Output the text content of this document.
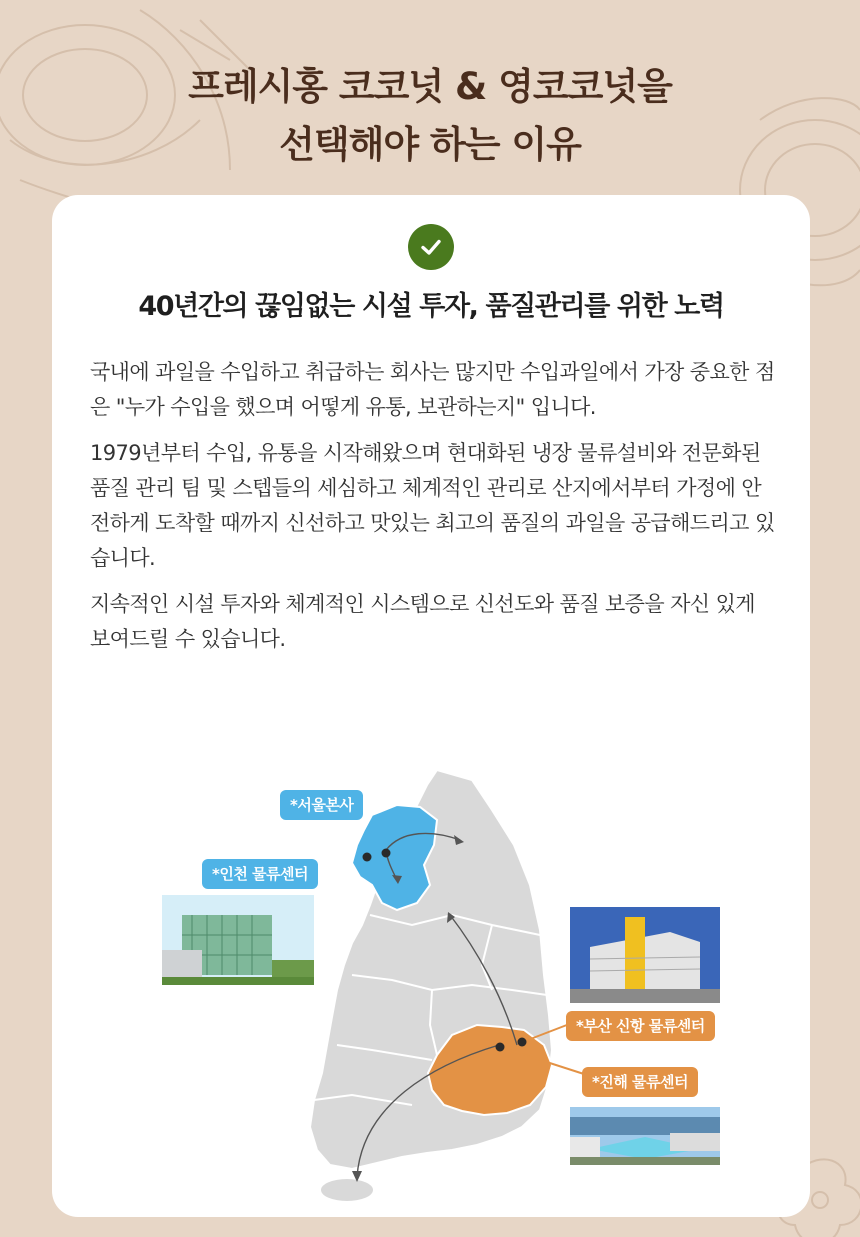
프레시홍 코코넛 & 영코코넛을
선택해야 하는 이유
40년간의 끊임없는 시설 투자, 품질관리를 위한 노력

국내에 과일을 수입하고 취급하는 회사는 많지만 수입과일에서 가장 중요한 점은 "누가 수입을 했으며 어떻게 유통, 보관하는지" 입니다.

1979년부터 수입, 유통을 시작해왔으며 현대화된 냉장 물류설비와 전문화된 품질 관리 팀 및 스텝들의 세심하고 체계적인 관리로 산지에서부터 가정에 안전하게 도착할 때까지 신선하고 맛있는 최고의 품질의 과일을 공급해드리고 있습니다.

지속적인 시설 투자와 체계적인 시스템으로 신선도와 품질 보증을 자신 있게 보여드릴 수 있습니다.

*서울본사
*인천 물류센터
*부산 신항 물류센터
*진해 물류센터
